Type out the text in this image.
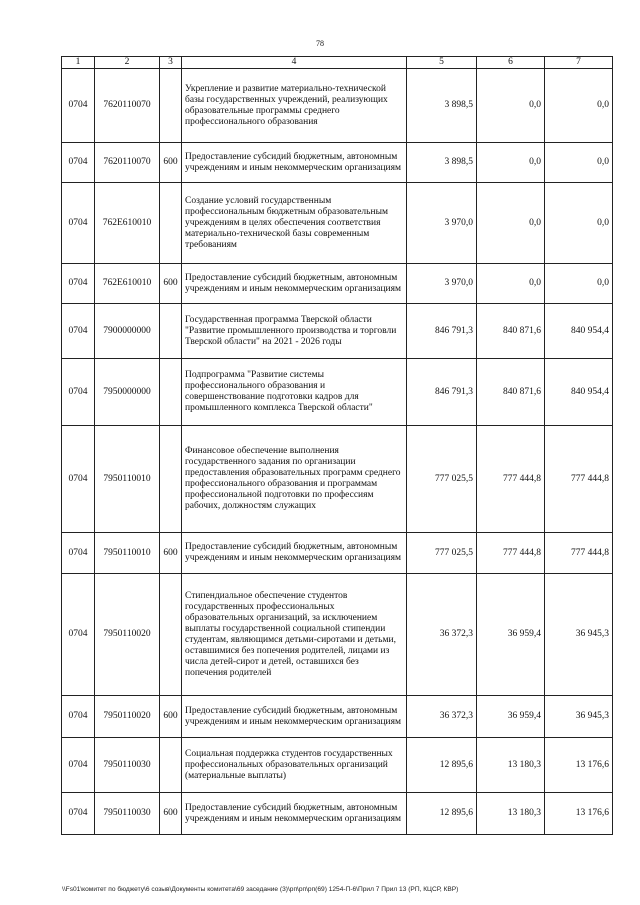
78
1	2	3	4	5	6	7
0704	7620110070		Укрепление и развитие материально-технической базы государственных учреждений, реализующих образовательные программы среднего профессионального образования	3 898,5	0,0	0,0
0704	7620110070	600	Предоставление субсидий бюджетным, автономным учреждениям и иным некоммерческим организациям	3 898,5	0,0	0,0
0704	762Е610010		Создание условий государственным профессиональным бюджетным образовательным учреждениям в целях обеспечения соответствия материально-технической базы современным требованиям	3 970,0	0,0	0,0
0704	762Е610010	600	Предоставление субсидий бюджетным, автономным учреждениям и иным некоммерческим организациям	3 970,0	0,0	0,0
0704	7900000000		Государственная программа Тверской области "Развитие промышленного производства и торговли Тверской области" на 2021 - 2026 годы	846 791,3	840 871,6	840 954,4
0704	7950000000		Подпрограмма "Развитие системы профессионального образования и совершенствование подготовки кадров для промышленного комплекса Тверской области"	846 791,3	840 871,6	840 954,4
0704	7950110010		Финансовое обеспечение выполнения государственного задания по организации предоставления образовательных программ среднего профессионального образования и программам профессиональной подготовки по профессиям рабочих, должностям служащих	777 025,5	777 444,8	777 444,8
0704	7950110010	600	Предоставление субсидий бюджетным, автономным учреждениям и иным некоммерческим организациям	777 025,5	777 444,8	777 444,8
0704	7950110020		Стипендиальное обеспечение студентов государственных профессиональных образовательных организаций, за исключением выплаты государственной социальной стипендии студентам, являющимся детьми-сиротами и детьми, оставшимися без попечения родителей, лицами из числа детей-сирот и детей, оставшихся без попечения родителей	36 372,3	36 959,4	36 945,3
0704	7950110020	600	Предоставление субсидий бюджетным, автономным учреждениям и иным некоммерческим организациям	36 372,3	36 959,4	36 945,3
0704	7950110030		Социальная поддержка студентов государственных профессиональных образовательных организаций (материальные выплаты)	12 895,6	13 180,3	13 176,6
0704	7950110030	600	Предоставление субсидий бюджетным, автономным учреждениям и иным некоммерческим организациям	12 895,6	13 180,3	13 176,6
\\Fs01\комитет по бюджету\6 созыв\Документы комитета\69 заседание (3)\рп\рп\рп(69) 1254-П-6\Прил 7 Прил 13 (РП, КЦСР, КВР)
